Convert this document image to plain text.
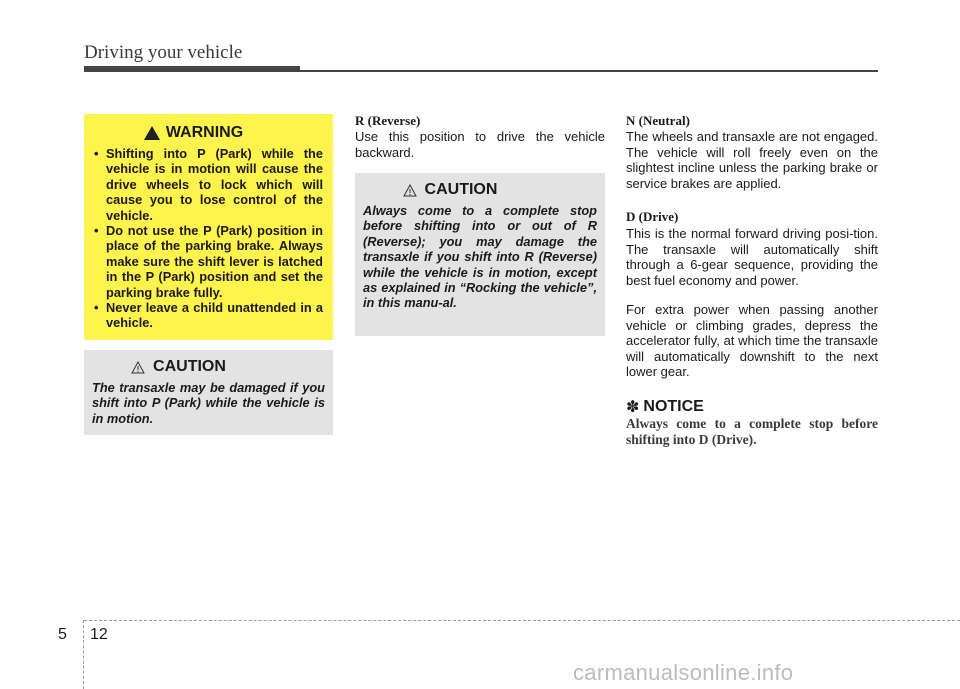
Driving your vehicle
WARNING
• Shifting into P (Park) while the vehicle is in motion will cause the drive wheels to lock which will cause you to lose control of the vehicle.
• Do not use the P (Park) position in place of the parking brake. Always make sure the shift lever is latched in the P (Park) position and set the parking brake fully.
• Never leave a child unattended in a vehicle.
CAUTION
The transaxle may be damaged if you shift into P (Park) while the vehicle is in motion.
R (Reverse)
Use this position to drive the vehicle backward.
CAUTION
Always come to a complete stop before shifting into or out of R (Reverse); you may damage the transaxle if you shift into R (Reverse) while the vehicle is in motion, except as explained in “Rocking the vehicle”, in this manu-al.
N (Neutral)
The wheels and transaxle are not engaged. The vehicle will roll freely even on the slightest incline unless the parking brake or service brakes are applied.
D (Drive)
This is the normal forward driving posi-tion. The transaxle will automatically shift through a 6-gear sequence, providing the best fuel economy and power.
For extra power when passing another vehicle or climbing grades, depress the accelerator fully, at which time the transaxle will automatically downshift to the next lower gear.
✽ NOTICE
Always come to a complete stop before shifting into D (Drive).
5 12
carmanualsonline.info
